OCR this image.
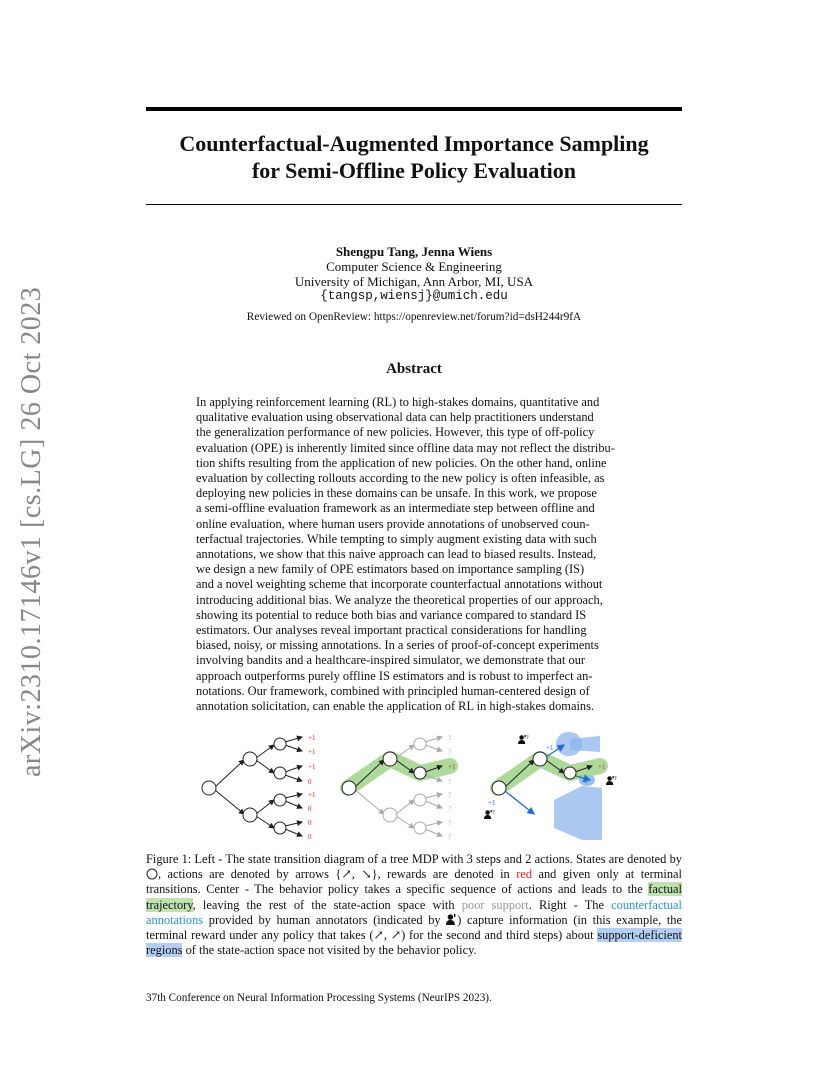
arXiv:2310.17146v1 [cs.LG] 26 Oct 2023
Counterfactual-Augmented Importance Sampling
for Semi-Offline Policy Evaluation
Shengpu Tang, Jenna Wiens
Computer Science & Engineering
University of Michigan, Ann Arbor, MI, USA
{tangsp,wiensj}@umich.edu
Reviewed on OpenReview: https://openreview.net/forum?id=dsH244r9fA
Abstract
In applying reinforcement learning (RL) to high-stakes domains, quantitative and
qualitative evaluation using observational data can help practitioners understand
the generalization performance of new policies. However, this type of off-policy
evaluation (OPE) is inherently limited since offline data may not reflect the distribu-
tion shifts resulting from the application of new policies. On the other hand, online
evaluation by collecting rollouts according to the new policy is often infeasible, as
deploying new policies in these domains can be unsafe. In this work, we propose
a semi-offline evaluation framework as an intermediate step between offline and
online evaluation, where human users provide annotations of unobserved coun-
terfactual trajectories. While tempting to simply augment existing data with such
annotations, we show that this naive approach can lead to biased results. Instead,
we design a new family of OPE estimators based on importance sampling (IS)
and a novel weighting scheme that incorporate counterfactual annotations without
introducing additional bias. We analyze the theoretical properties of our approach,
showing its potential to reduce both bias and variance compared to standard IS
estimators. Our analyses reveal important practical considerations for handling
biased, noisy, or missing annotations. In a series of proof-of-concept experiments
involving bandits and a healthcare-inspired simulator, we demonstrate that our
approach outperforms purely offline IS estimators and is robust to imperfect an-
notations. Our framework, combined with principled human-centered design of
annotation solicitation, can enable the application of RL in high-stakes domains.
+1
+1
+1
0
+1
0
0
0
?
?
?
?
?
?
?
+1
+1
+1
0
+1
?
?
?
Figure 1: Left - The state transition diagram of a tree MDP with 3 steps and 2 actions. States are denoted by , actions are denoted by arrows {↗, ↘}, rewards are denoted in red and given only at terminal transitions. Center - The behavior policy takes a specific sequence of actions and leads to the factual trajectory, leaving the rest of the state-action space with poor support. Right - The counterfactual annotations provided by human annotators (indicated by ) capture information (in this example, the terminal reward under any policy that takes (↗, ↗) for the second and third steps) about support-deficient regions of the state-action space not visited by the behavior policy.
37th Conference on Neural Information Processing Systems (NeurIPS 2023).
